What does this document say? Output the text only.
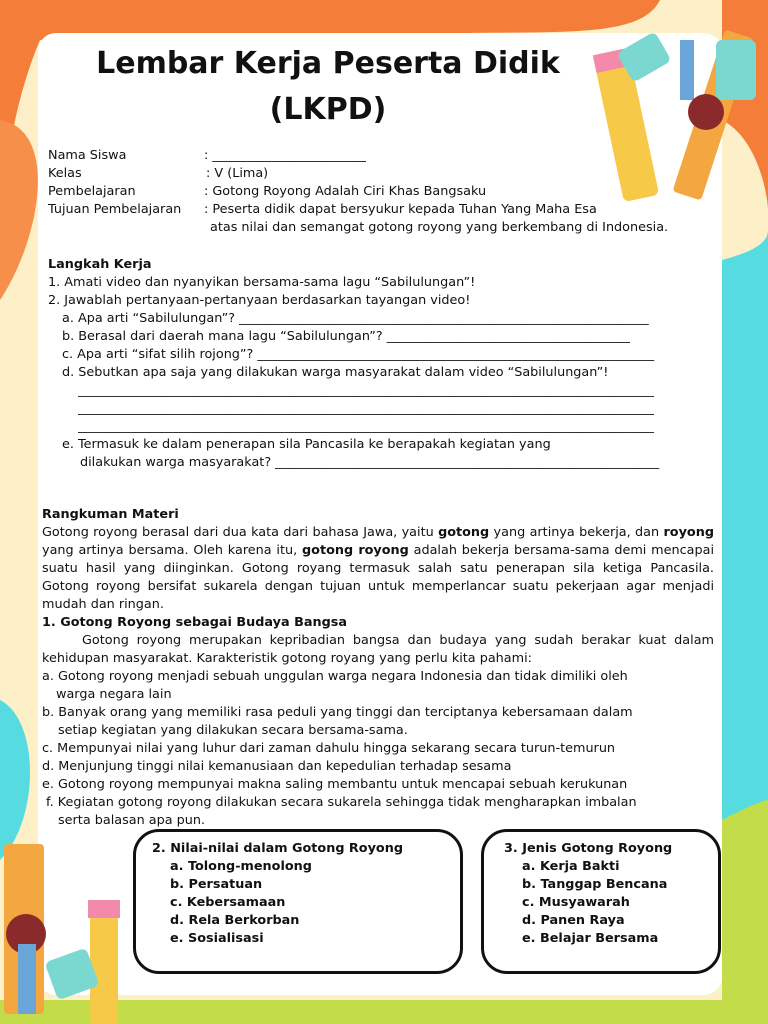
Lembar Kerja Peserta Didik
(LKPD)
Nama Siswa	: ________________________
Kelas	: V (Lima)
Pembelajaran	: Gotong Royong Adalah Ciri Khas Bangsaku
Tujuan Pembelajaran : Peserta didik dapat bersyukur kepada Tuhan Yang Maha Esa
atas nilai dan semangat gotong royong yang berkembang di Indonesia.
Langkah Kerja
1. Amati video dan nyanyikan bersama-sama lagu “Sabilulungan”!
2. Jawablah pertanyaan-pertanyaan berdasarkan tayangan video!
a. Apa arti “Sabilulungan”? ________________________________________________________________
b. Berasal dari daerah mana lagu “Sabilulungan”? ______________________________________
c. Apa arti “sifat silih rojong”? ______________________________________________________________
d. Sebutkan apa saja yang dilakukan warga masyarakat dalam video “Sabilulungan”!
__________________________________________________________________________________________
__________________________________________________________________________________________
__________________________________________________________________________________________
e. Termasuk ke dalam penerapan sila Pancasila ke berapakah kegiatan yang
dilakukan warga masyarakat? ____________________________________________________________
Rangkuman Materi
Gotong royong berasal dari dua kata dari bahasa Jawa, yaitu gotong yang artinya bekerja, dan royong yang artinya bersama. Oleh karena itu, gotong royong adalah bekerja bersama-sama demi mencapai suatu hasil yang diinginkan. Gotong royang termasuk salah satu penerapan sila ketiga Pancasila. Gotong royong bersifat sukarela dengan tujuan untuk memperlancar suatu pekerjaan agar menjadi mudah dan ringan.
1. Gotong Royong sebagai Budaya Bangsa
Gotong royong merupakan kepribadian bangsa dan budaya yang sudah berakar kuat dalam kehidupan masyarakat. Karakteristik gotong royang yang perlu kita pahami:
a. Gotong royong menjadi sebuah unggulan warga negara Indonesia dan tidak dimiliki oleh
warga negara lain
b. Banyak orang yang memiliki rasa peduli yang tinggi dan terciptanya kebersamaan dalam
setiap kegiatan yang dilakukan secara bersama-sama.
c. Mempunyai nilai yang luhur dari zaman dahulu hingga sekarang secara turun-temurun
d. Menjunjung tinggi nilai kemanusiaan dan kepedulian terhadap sesama
e. Gotong royong mempunyai makna saling membantu untuk mencapai sebuah kerukunan
f. Kegiatan gotong royong dilakukan secara sukarela sehingga tidak mengharapkan imbalan
serta balasan apa pun.
2. Nilai-nilai dalam Gotong Royong
a. Tolong-menolong
b. Persatuan
c. Kebersamaan
d. Rela Berkorban
e. Sosialisasi
3. Jenis Gotong Royong
a. Kerja Bakti
b. Tanggap Bencana
c. Musyawarah
d. Panen Raya
e. Belajar Bersama
